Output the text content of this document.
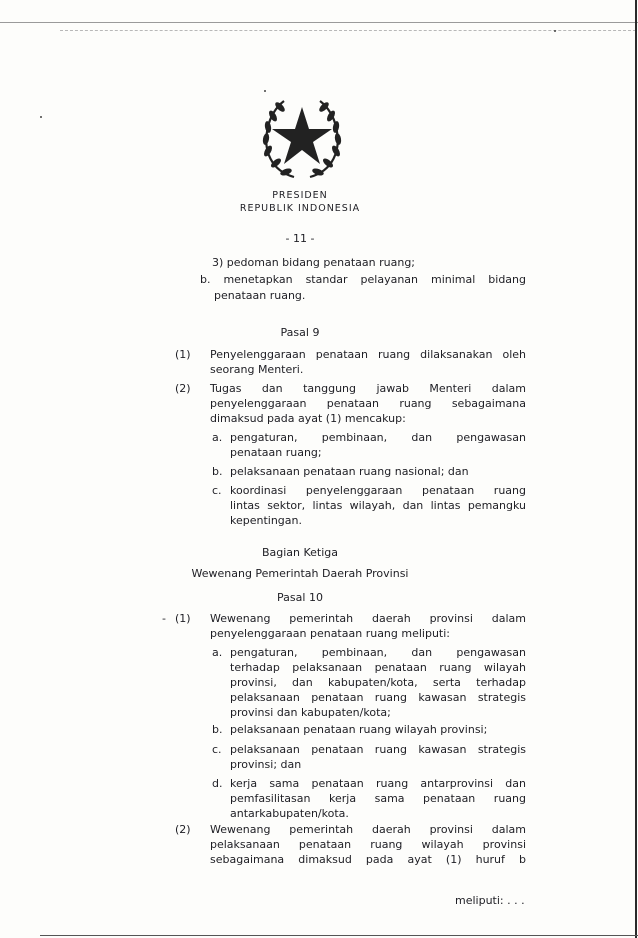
PRESIDEN
REPUBLIK INDONESIA
- 11 -
3) pedoman bidang penataan ruang;
b. menetapkan standar pelayanan minimal bidang
penataan ruang.
Pasal 9
(1) Penyelenggaraan penataan ruang dilaksanakan oleh
seorang Menteri.
(2) Tugas dan tanggung jawab Menteri dalam
penyelenggaraan penataan ruang sebagaimana
dimaksud pada ayat (1) mencakup:
a. pengaturan, pembinaan, dan pengawasan
penataan ruang;
b. pelaksanaan penataan ruang nasional; dan
c. koordinasi penyelenggaraan penataan ruang
lintas sektor, lintas wilayah, dan lintas pemangku
kepentingan.
Bagian Ketiga
Wewenang Pemerintah Daerah Provinsi
Pasal 10
- (1) Wewenang pemerintah daerah provinsi dalam
penyelenggaraan penataan ruang meliputi:
a. pengaturan, pembinaan, dan pengawasan
terhadap pelaksanaan penataan ruang wilayah
provinsi, dan kabupaten/kota, serta terhadap
pelaksanaan penataan ruang kawasan strategis
provinsi dan kabupaten/kota;
b. pelaksanaan penataan ruang wilayah provinsi;
c. pelaksanaan penataan ruang kawasan strategis
provinsi; dan
d. kerja sama penataan ruang antarprovinsi dan
pemfasilitasan kerja sama penataan ruang
antarkabupaten/kota.
(2) Wewenang pemerintah daerah provinsi dalam
pelaksanaan penataan ruang wilayah provinsi
sebagaimana dimaksud pada ayat (1) huruf b
meliputi: . . .
